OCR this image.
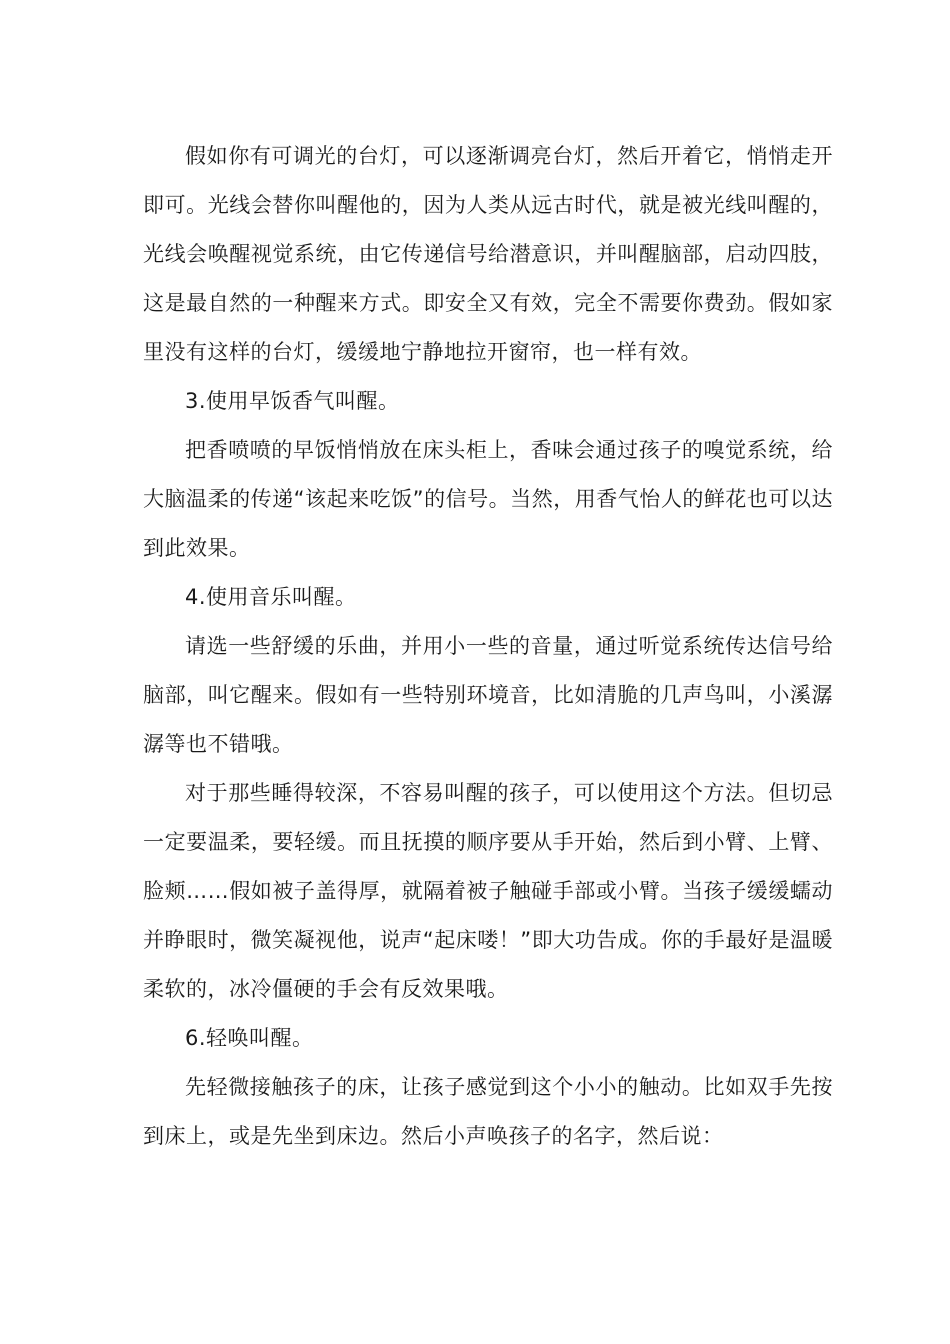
假如你有可调光的台灯，可以逐渐调亮台灯，然后开着它，悄悄走开即可。光线会替你叫醒他的，因为人类从远古时代，就是被光线叫醒的，光线会唤醒视觉系统，由它传递信号给潜意识，并叫醒脑部，启动四肢，这是最自然的一种醒来方式。即安全又有效，完全不需要你费劲。假如家里没有这样的台灯，缓缓地宁静地拉开窗帘，也一样有效。

3.使用早饭香气叫醒。

把香喷喷的早饭悄悄放在床头柜上，香味会通过孩子的嗅觉系统，给大脑温柔的传递“该起来吃饭”的信号。当然，用香气怡人的鲜花也可以达到此效果。

4.使用音乐叫醒。

请选一些舒缓的乐曲，并用小一些的音量，通过听觉系统传达信号给脑部，叫它醒来。假如有一些特别环境音，比如清脆的几声鸟叫，小溪潺潺等也不错哦。

对于那些睡得较深，不容易叫醒的孩子，可以使用这个方法。但切忌一定要温柔，要轻缓。而且抚摸的顺序要从手开始，然后到小臂、上臂、脸颊……假如被子盖得厚，就隔着被子触碰手部或小臂。当孩子缓缓蠕动并睁眼时，微笑凝视他，说声“起床喽！”即大功告成。你的手最好是温暖柔软的，冰冷僵硬的手会有反效果哦。

6.轻唤叫醒。

先轻微接触孩子的床，让孩子感觉到这个小小的触动。比如双手先按到床上，或是先坐到床边。然后小声唤孩子的名字，然后说：
